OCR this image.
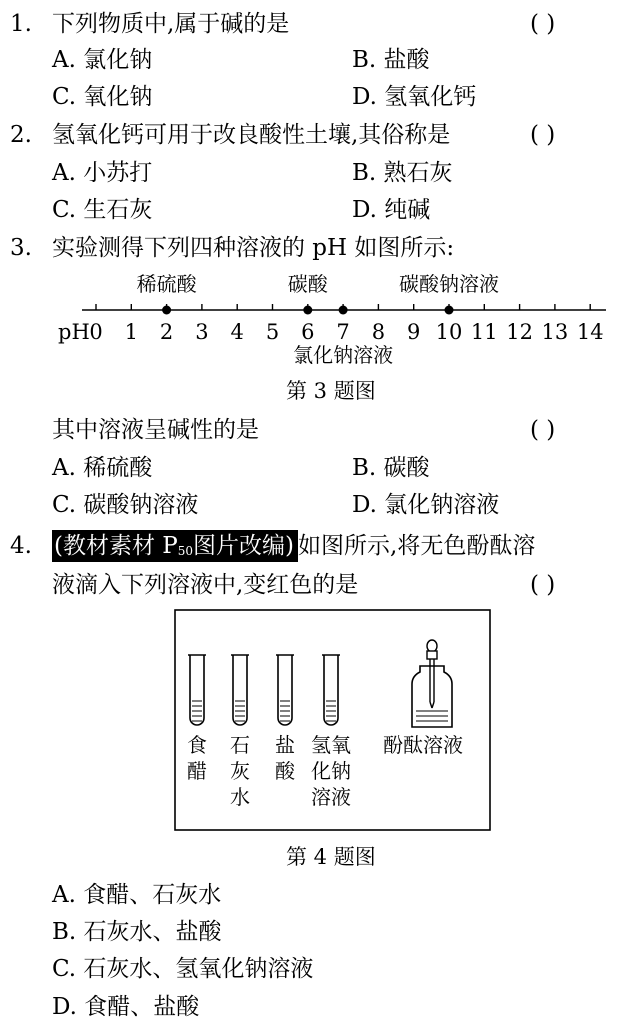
1. 下列物质中,属于碱的是	( )
A. 氯化钠	B. 盐酸
C. 氧化钠	D. 氢氧化钙
2. 氢氧化钙可用于改良酸性土壤,其俗称是	( )
A. 小苏打	B. 熟石灰
C. 生石灰	D. 纯碱
3. 实验测得下列四种溶液的 pH 如图所示:
0 1 2 3 4 5 6 7 8 9 10 11 12 13 14
稀硫酸	碳酸
氯化钠溶液
碳酸钠溶液
pH
第 3 题图
其中溶液呈碱性的是	( )
A. 稀硫酸	B. 碳酸
C. 碳酸钠溶液	D. 氯化钠溶液
4. (教材素材 $P_{50}$图片改编) 如图所示,将无色酚酞溶
液滴入下列溶液中,变红色的是	( )
食
醋
石
灰
水
盐
酸
氢氧
化钠
溶液
酚酞溶液
第 4 题图
A. 食醋、石灰水
B. 石灰水、盐酸
C. 石灰水、氢氧化钠溶液
D. 食醋、盐酸
